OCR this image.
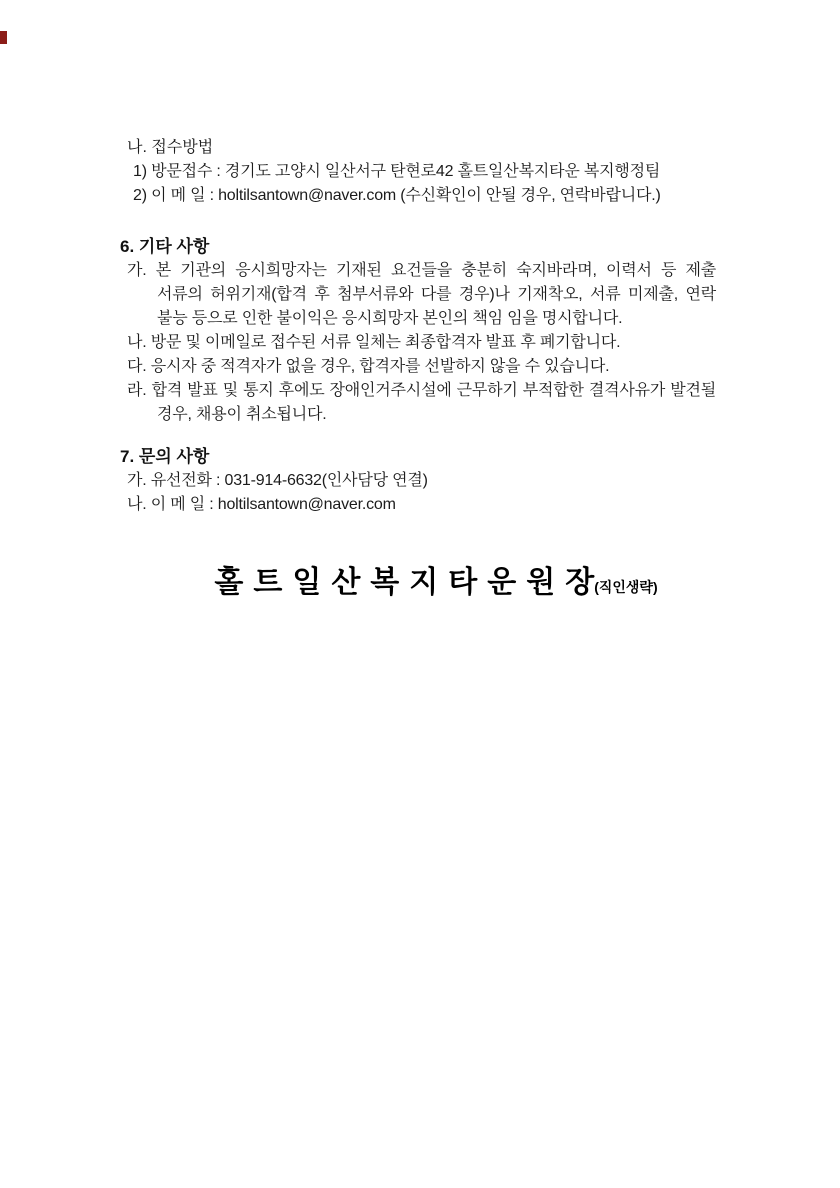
나. 접수방법
1) 방문접수 : 경기도 고양시 일산서구 탄현로42 홀트일산복지타운 복지행정팀
2) 이 메 일 : holtilsantown@naver.com (수신확인이 안될 경우, 연락바랍니다.)
6. 기타 사항
가. 본 기관의 응시희망자는 기재된 요건들을 충분히 숙지바라며, 이력서 등 제출 서류의 허위기재(합격 후 첨부서류와 다를 경우)나 기재착오, 서류 미제출, 연락 불능 등으로 인한 불이익은 응시희망자 본인의 책임 임을 명시합니다.
나. 방문 및 이메일로 접수된 서류 일체는 최종합격자 발표 후 폐기합니다.
다. 응시자 중 적격자가 없을 경우, 합격자를 선발하지 않을 수 있습니다.
라. 합격 발표 및 통지 후에도 장애인거주시설에 근무하기 부적합한 결격사유가 발견될 경우, 채용이 취소됩니다.
7. 문의 사항
가. 유선전화 : 031-914-6632(인사담당 연결)
나. 이 메 일 : holtilsantown@naver.com
홀트일산복지타운원장(직인생략)
